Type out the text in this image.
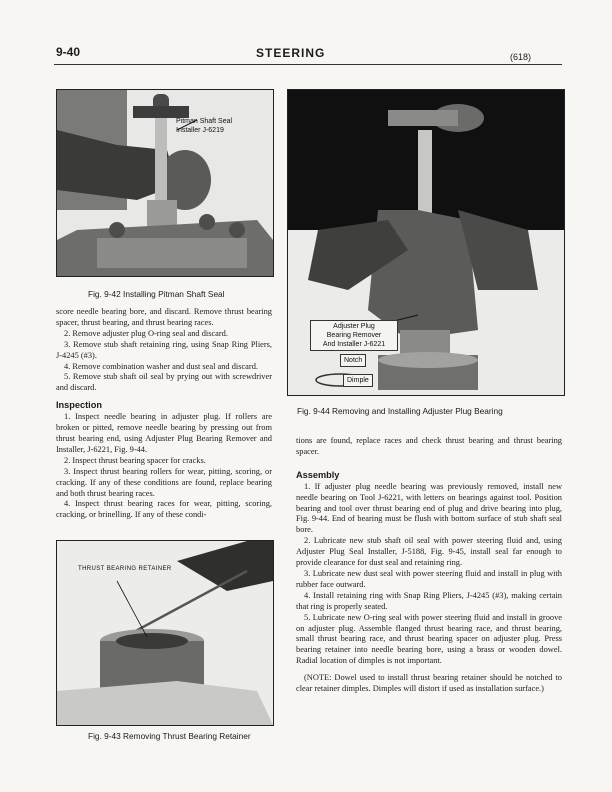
9-40	STEERING	(618)
Pitman Shaft Seal
Installer J-6219
Fig. 9-42 Installing Pitman Shaft Seal
Adjuster Plug
Bearing Remover
And Installer J-6221
Notch
Dimple
Fig. 9-44 Removing and Installing Adjuster Plug Bearing

score needle bearing bore, and discard. Remove thrust bearing spacer, thrust bearing, and thrust bearing races.

2. Remove adjuster plug O-ring seal and discard.

3. Remove stub shaft retaining ring, using Snap Ring Pliers, J-4245 (#3).

4. Remove combination washer and dust seal and discard.

5. Remove stub shaft oil seal by prying out with screwdriver and discard.

Inspection

1. Inspect needle bearing in adjuster plug. If rollers are broken or pitted, remove needle bearing by pressing out from thrust bearing end, using Adjuster Plug Bearing Remover and Installer, J-6221, Fig. 9-44.

2. Inspect thrust bearing spacer for cracks.

3. Inspect thrust bearing rollers for wear, pitting, scoring, or cracking. If any of these conditions are found, replace bearing and both thrust bearing races.

4. Inspect thrust bearing races for wear, pitting, scoring, cracking, or brinelling. If any of these condi-

THRUST BEARING RETAINER
Fig. 9-43 Removing Thrust Bearing Retainer

tions are found, replace races and check thrust bearing and thrust bearing spacer.

Assembly

1. If adjuster plug needle bearing was previously removed, install new needle bearing on Tool J-6221, with letters on bearings against tool. Position bearing and tool over thrust bearing end of plug and drive bearing into plug, Fig. 9-44. End of bearing must be flush with bottom surface of stub shaft seal bore.

2. Lubricate new stub shaft oil seal with power steering fluid and, using Adjuster Plug Seal Installer, J-5188, Fig. 9-45, install seal far enough to provide clearance for dust seal and retaining ring.

3. Lubricate new dust seal with power steering fluid and install in plug with rubber face outward.

4. Install retaining ring with Snap Ring Pliers, J-4245 (#3), making certain that ring is properly seated.

5. Lubricate new O-ring seal with power steering fluid and install in groove on adjuster plug. Assemble flanged thrust bearing race, and thrust bearing, small thrust bearing race, and thrust bearing spacer on adjuster plug. Press bearing retainer into needle bearing bore, using a brass or wooden dowel. Radial location of dimples is not important.

(NOTE: Dowel used to install thrust bearing retainer should be notched to clear retainer dimples. Dimples will distort if used as installation surface.)
